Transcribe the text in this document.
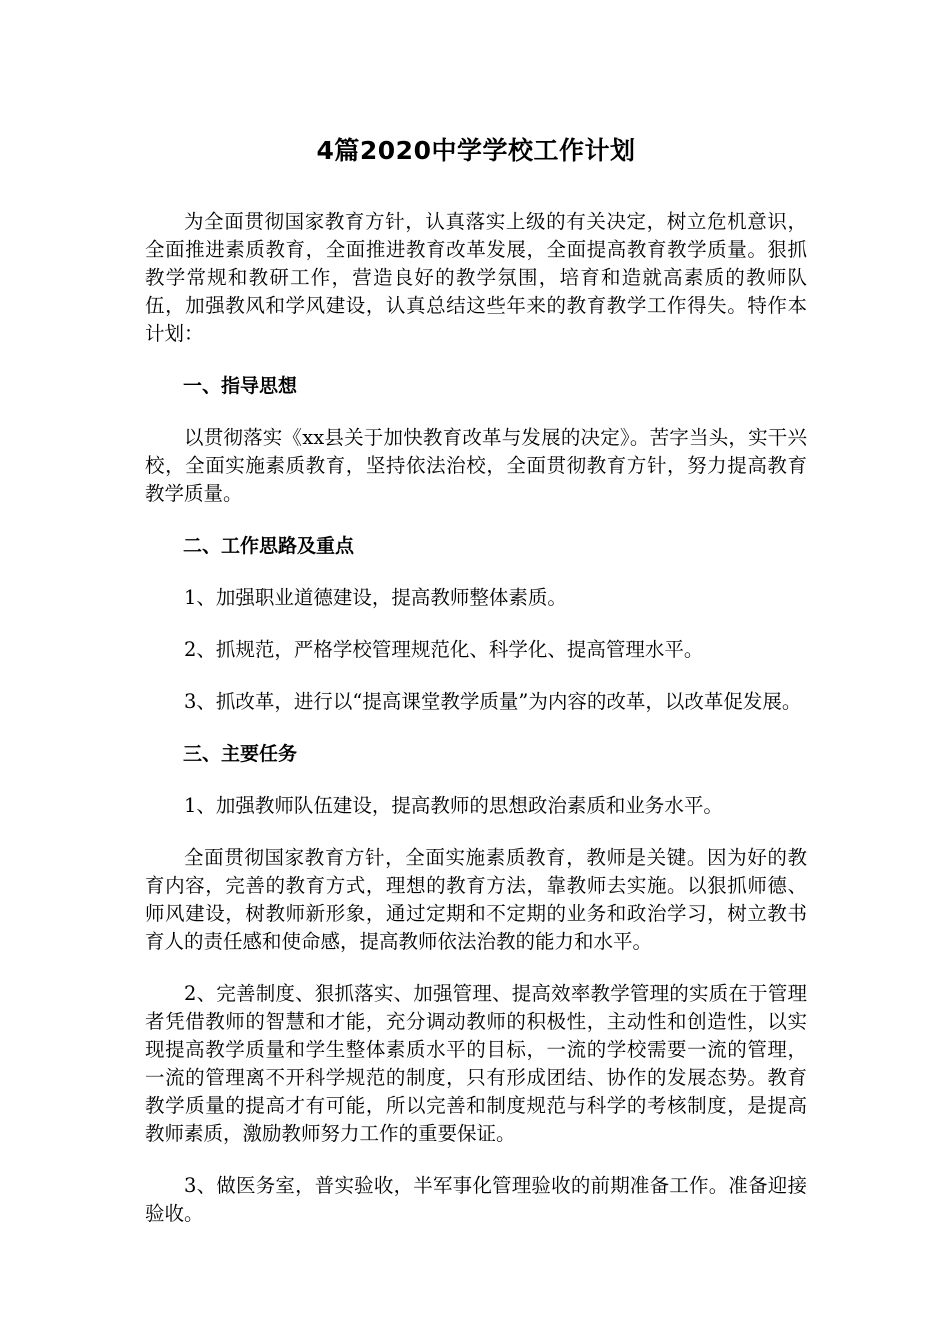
4篇2020中学学校工作计划

为全面贯彻国家教育方针，认真落实上级的有关决定，树立危机意识，全面推进素质教育，全面推进教育改革发展，全面提高教育教学质量。狠抓教学常规和教研工作，营造良好的教学氛围，培育和造就高素质的教师队伍，加强教风和学风建设，认真总结这些年来的教育教学工作得失。特作本计划：

一、指导思想

以贯彻落实《xx县关于加快教育改革与发展的决定》。苦字当头，实干兴校，全面实施素质教育，坚持依法治校，全面贯彻教育方针，努力提高教育教学质量。

二、工作思路及重点

1、加强职业道德建设，提高教师整体素质。

2、抓规范，严格学校管理规范化、科学化、提高管理水平。

3、抓改革，进行以“提高课堂教学质量”为内容的改革，以改革促发展。

三、主要任务

1、加强教师队伍建设，提高教师的思想政治素质和业务水平。

全面贯彻国家教育方针，全面实施素质教育，教师是关键。因为好的教育内容，完善的教育方式，理想的教育方法，靠教师去实施。以狠抓师德、师风建设，树教师新形象，通过定期和不定期的业务和政治学习，树立教书育人的责任感和使命感，提高教师依法治教的能力和水平。

2、完善制度、狠抓落实、加强管理、提高效率教学管理的实质在于管理者凭借教师的智慧和才能，充分调动教师的积极性，主动性和创造性，以实现提高教学质量和学生整体素质水平的目标，一流的学校需要一流的管理，一流的管理离不开科学规范的制度，只有形成团结、协作的发展态势。教育教学质量的提高才有可能，所以完善和制度规范与科学的考核制度，是提高教师素质，激励教师努力工作的重要保证。

3、做医务室，普实验收，半军事化管理验收的前期准备工作。准备迎接验收。
